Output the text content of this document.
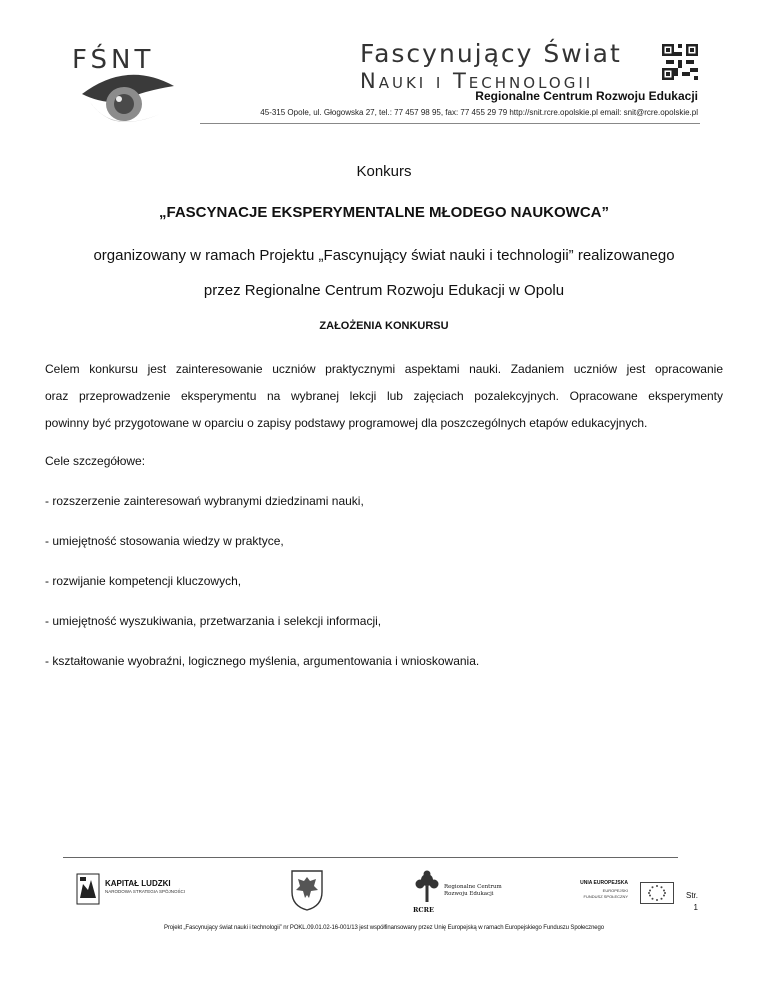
FŚNT	Fascynujący Świat
Nauki i Technologii
Regionalne Centrum Rozwoju Edukacji
45-315 Opole, ul. Głogowska 27, tel.: 77 457 98 95, fax: 77 455 29 79 http://snit.rcre.opolskie.pl email: snit@rcre.opolskie.pl
Konkurs
„FASCYNACJE EKSPERYMENTALNE MŁODEGO NAUKOWCA”
organizowany w ramach Projektu „Fascynujący świat nauki i technologii” realizowanego
przez Regionalne Centrum Rozwoju Edukacji w Opolu
ZAŁOŻENIA KONKURSU
Celem konkursu jest zainteresowanie uczniów praktycznymi aspektami nauki. Zadaniem uczniów jest opracowanie
oraz przeprowadzenie eksperymentu na wybranej lekcji lub zajęciach pozalekcyjnych. Opracowane eksperymenty
powinny być przygotowane w oparciu o zapisy podstawy programowej dla poszczególnych etapów edukacyjnych.
Cele szczegółowe:
- rozszerzenie zainteresowań wybranymi dziedzinami nauki,
- umiejętność stosowania wiedzy w praktyce,
- rozwijanie kompetencji kluczowych,
- umiejętność wyszukiwania, przetwarzania i selekcji informacji,
- kształtowanie wyobraźni, logicznego myślenia, argumentowania i wnioskowania.
KAPITAŁ LUDZKI
NARODOWA STRATEGIA SPÓJNOŚCI
Regionalne Centrum
Rozwoju Edukacji
RCRE
UNIA EUROPEJSKA
EUROPEJSKI
FUNDUSZ SPOŁECZNY	Str.
1
Projekt „Fascynujący świat nauki i technologii” nr POKL.09.01.02-16-001/13 jest współfinansowany przez Unię Europejską w ramach Europejskiego Funduszu Społecznego
